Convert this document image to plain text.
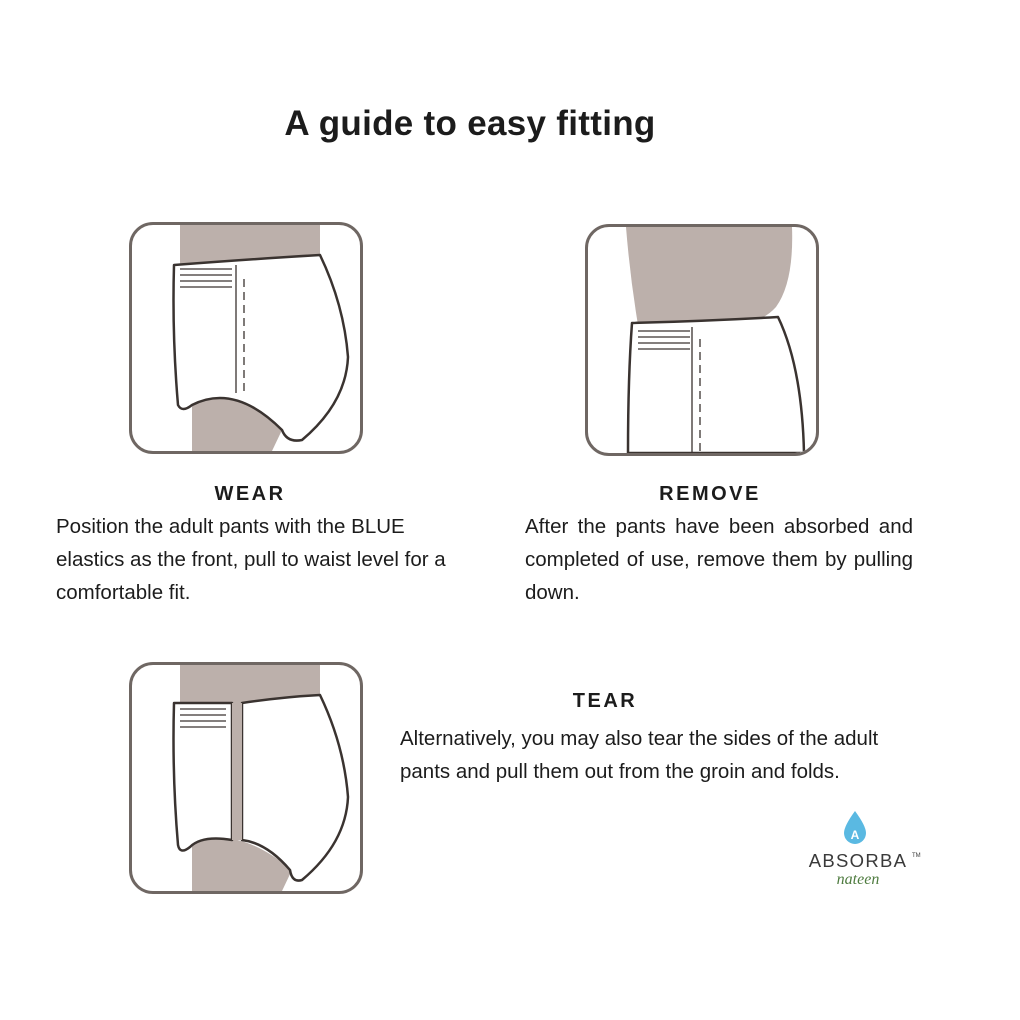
A guide to easy fitting
WEAR

Position the adult pants with the BLUE elastics as the front, pull to waist level for a comfortable fit.

REMOVE

After the pants have been absorbed and completed of use, remove them by pulling down.

TEAR

Alternatively, you may also tear the sides of the adult pants and pull them out from the groin and folds.

A
ABSORBA TM
nateen
